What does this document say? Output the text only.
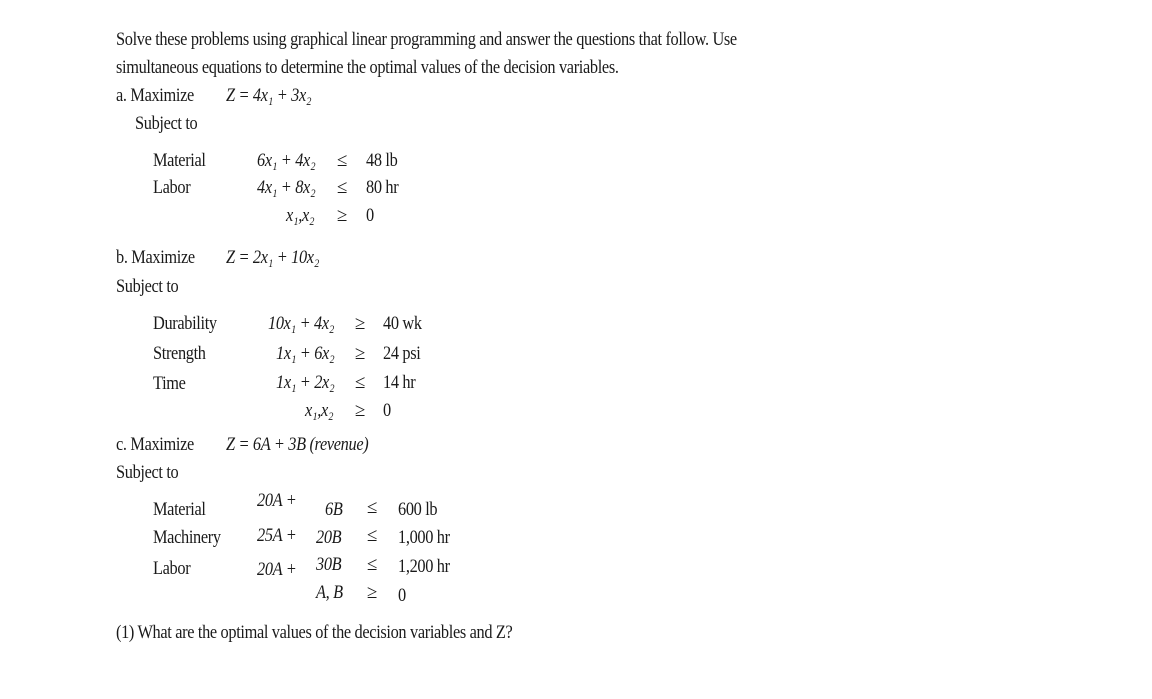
Solve these problems using graphical linear programming and answer the questions that follow. Use
simultaneous equations to determine the optimal values of the decision variables.
a. Maximize Z = 4x₁ + 3x₂
Subject to
Material	6x₁ + 4x₂ ≤ 48 lb
Labor	4x₁ + 8x₂ ≤ 80 hr
x₁,x₂ ≥ 0
b. Maximize Z = 2x₁ + 10x₂
Subject to
Durability	10x₁ + 4x₂ ≥ 40 wk
Strength	1x₁ + 6x₂ ≥ 24 psi
Time	1x₁ + 2x₂ ≤ 14 hr
x₁,x₂ ≥ 0
c. Maximize Z = 6A + 3B (revenue)
Subject to
Material	20A + 6B ≤ 600 lb
Machinery 25A + 20B ≤ 1,000 hr
Labor	20A + 30B ≤ 1,200 hr
A, B ≥ 0
(1) What are the optimal values of the decision variables and Z?
